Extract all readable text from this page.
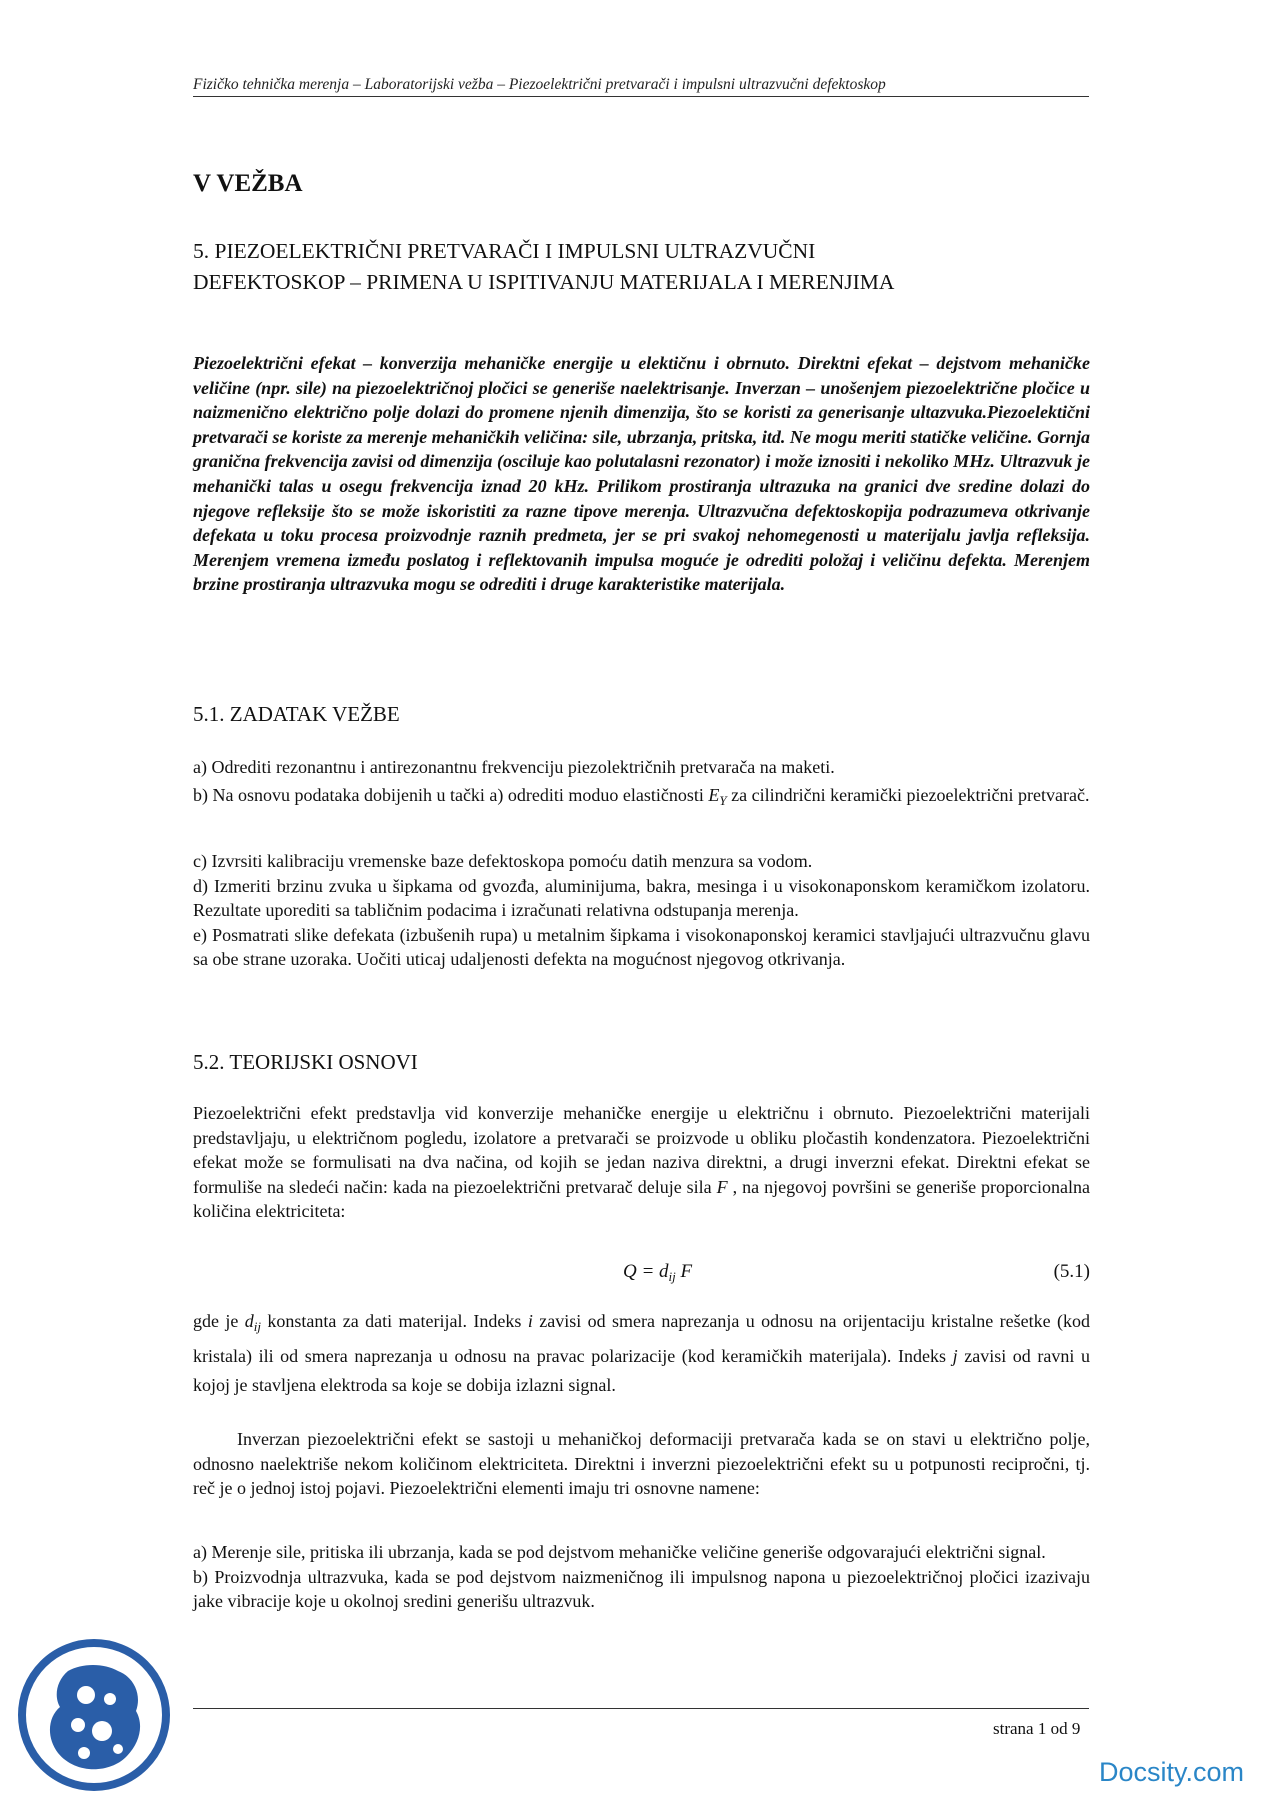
Fizičko tehnička merenja – Laboratorijski vežba – Piezoelektrični pretvarači i impulsni ultrazvučni defektoskop
V VEŽBA
5. PIEZOELEKTRIČNI PRETVARAČI I IMPULSNI ULTRAZVUČNI
DEFEKTOSKOP – PRIMENA U ISPITIVANJU MATERIJALA I MERENJIMA
Piezoelektrični efekat – konverzija mehaničke energije u elektičnu i obrnuto. Direktni efekat – dejstvom mehaničke veličine (npr. sile) na piezoelektričnoj pločici se generiše naelektrisanje. Inverzan – unošenjem piezoelektrične pločice u naizmenično električno polje dolazi do promene njenih dimenzija, što se koristi za generisanje ultazvuka.Piezoelektični pretvarači se koriste za merenje mehaničkih veličina: sile, ubrzanja, pritska, itd. Ne mogu meriti statičke veličine. Gornja granična frekvencija zavisi od dimenzija (osciluje kao polutalasni rezonator) i može iznositi i nekoliko MHz. Ultrazvuk je mehanički talas u osegu frekvencija iznad 20 kHz. Prilikom prostiranja ultrazuka na granici dve sredine dolazi do njegove refleksije što se može iskoristiti za razne tipove merenja. Ultrazvučna defektoskopija podrazumeva otkrivanje defekata u toku procesa proizvodnje raznih predmeta, jer se pri svakoj nehomegenosti u materijalu javlja refleksija. Merenjem vremena između poslatog i reflektovanih impulsa moguće je odrediti položaj i veličinu defekta. Merenjem brzine prostiranja ultrazvuka mogu se odrediti i druge karakteristike materijala.
5.1. ZADATAK VEŽBE

a) Odrediti rezonantnu i antirezonantnu frekvenciju piezolektričnih pretvarača na maketi.

b) Na osnovu podataka dobijenih u tački a) odrediti moduo elastičnosti $E_Y$ za cilindrični keramički piezoelektrični pretvarač.

c) Izvrsiti kalibraciju vremenske baze defektoskopa pomoću datih menzura sa vodom.

d) Izmeriti brzinu zvuka u šipkama od gvozđa, aluminijuma, bakra, mesinga i u visokonaponskom keramičkom izolatoru. Rezultate uporediti sa tabličnim podacima i izračunati relativna odstupanja merenja.

e) Posmatrati slike defekata (izbušenih rupa) u metalnim šipkama i visokonaponskoj keramici stavljajući ultrazvučnu glavu sa obe strane uzoraka. Uočiti uticaj udaljenosti defekta na mogućnost njegovog otkrivanja.

5.2. TEORIJSKI OSNOVI
Piezoelektrični efekt predstavlja vid konverzije mehaničke energije u električnu i obrnuto. Piezoelektrični materijali predstavljaju, u električnom pogledu, izolatore a pretvarači se proizvode u obliku pločastih kondenzatora. Piezoelektrični efekat može se formulisati na dva načina, od kojih se jedan naziva direktni, a drugi inverzni efekat. Direktni efekat se formuliše na sledeći način: kada na piezoelektrični pretvarač deluje sila F , na njegovoj površini se generiše proporcionalna količina elektriciteta:
$Q = d_{ij}$ F	(5.1)
gde je $d_{ij}$ konstanta za dati materijal. Indeks i zavisi od smera naprezanja u odnosu na orijentaciju kristalne rešetke (kod kristala) ili od smera naprezanja u odnosu na pravac polarizacije (kod keramičkih materijala). Indeks j zavisi od ravni u kojoj je stavljena elektroda sa koje se dobija izlazni signal.
Inverzan piezoelektrični efekt se sastoji u mehaničkoj deformaciji pretvarača kada se on stavi u električno polje, odnosno naelektriše nekom količinom elektriciteta. Direktni i inverzni piezoelektrični efekt su u potpunosti recipročni, tj. reč je o jednoj istoj pojavi. Piezoelektrični elementi imaju tri osnovne namene:

a) Merenje sile, pritiska ili ubrzanja, kada se pod dejstvom mehaničke veličine generiše odgovarajući električni signal.

b) Proizvodnja ultrazvuka, kada se pod dejstvom naizmeničnog ili impulsnog napona u piezoelektričnoj pločici izazivaju jake vibracije koje u okolnoj sredini generišu ultrazvuk.

strana 1 od 9
Docsity.com
